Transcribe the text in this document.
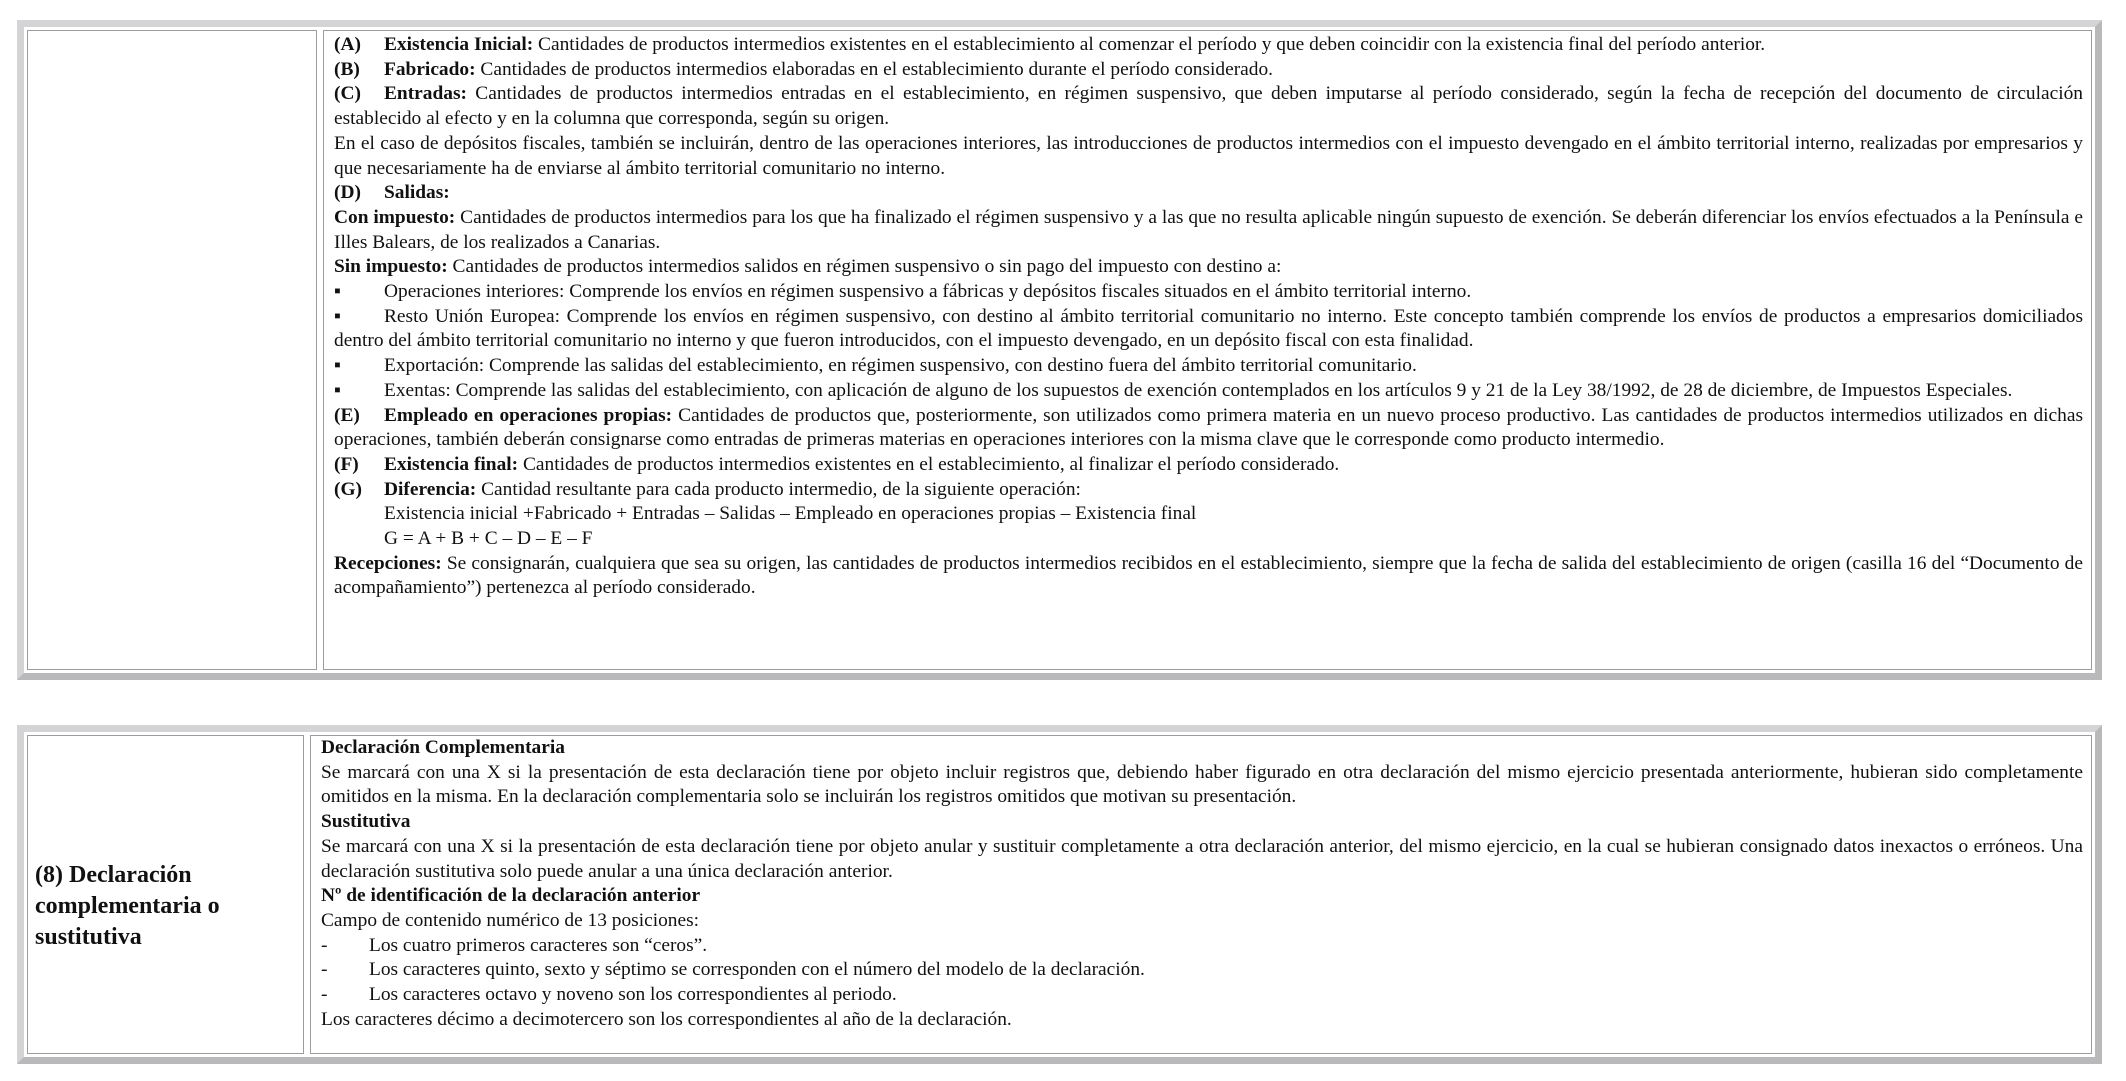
(A) Existencia Inicial: Cantidades de productos intermedios existentes en el establecimiento al comenzar el período y que deben coincidir con la existencia final del período anterior.

(B) Fabricado: Cantidades de productos intermedios elaboradas en el establecimiento durante el período considerado.

(C) Entradas: Cantidades de productos intermedios entradas en el establecimiento, en régimen suspensivo, que deben imputarse al período considerado, según la fecha de recepción del documento de circulación establecido al efecto y en la columna que corresponda, según su origen.

En el caso de depósitos fiscales, también se incluirán, dentro de las operaciones interiores, las introducciones de productos intermedios con el impuesto devengado en el ámbito territorial interno, realizadas por empresarios y que necesariamente ha de enviarse al ámbito territorial comunitario no interno.

(D) Salidas:

Con impuesto: Cantidades de productos intermedios para los que ha finalizado el régimen suspensivo y a las que no resulta aplicable ningún supuesto de exención. Se deberán diferenciar los envíos efectuados a la Península e Illes Balears, de los realizados a Canarias.

Sin impuesto: Cantidades de productos intermedios salidos en régimen suspensivo o sin pago del impuesto con destino a:

▪ Operaciones interiores: Comprende los envíos en régimen suspensivo a fábricas y depósitos fiscales situados en el ámbito territorial interno.

▪ Resto Unión Europea: Comprende los envíos en régimen suspensivo, con destino al ámbito territorial comunitario no interno. Este concepto también comprende los envíos de productos a empresarios domiciliados dentro del ámbito territorial comunitario no interno y que fueron introducidos, con el impuesto devengado, en un depósito fiscal con esta finalidad.

▪ Exportación: Comprende las salidas del establecimiento, en régimen suspensivo, con destino fuera del ámbito territorial comunitario.

▪ Exentas: Comprende las salidas del establecimiento, con aplicación de alguno de los supuestos de exención contemplados en los artículos 9 y 21 de la Ley 38/1992, de 28 de diciembre, de Impuestos Especiales.

(E) Empleado en operaciones propias: Cantidades de productos que, posteriormente, son utilizados como primera materia en un nuevo proceso productivo. Las cantidades de productos intermedios utilizados en dichas operaciones, también deberán consignarse como entradas de primeras materias en operaciones interiores con la misma clave que le corresponde como producto intermedio.

(F) Existencia final: Cantidades de productos intermedios existentes en el establecimiento, al finalizar el período considerado.

(G) Diferencia: Cantidad resultante para cada producto intermedio, de la siguiente operación:

Existencia inicial +Fabricado + Entradas – Salidas – Empleado en operaciones propias – Existencia final

G = A + B + C – D – E – F

Recepciones: Se consignarán, cualquiera que sea su origen, las cantidades de productos intermedios recibidos en el establecimiento, siempre que la fecha de salida del establecimiento de origen (casilla 16 del “Documento de acompañamiento”) pertenezca al período considerado.

(8) Declaración complementaria o sustitutiva

Declaración Complementaria

Se marcará con una X si la presentación de esta declaración tiene por objeto incluir registros que, debiendo haber figurado en otra declaración del mismo ejercicio presentada anteriormente, hubieran sido completamente omitidos en la misma. En la declaración complementaria solo se incluirán los registros omitidos que motivan su presentación.

Sustitutiva

Se marcará con una X si la presentación de esta declaración tiene por objeto anular y sustituir completamente a otra declaración anterior, del mismo ejercicio, en la cual se hubieran consignado datos inexactos o erróneos. Una declaración sustitutiva solo puede anular a una única declaración anterior.

Nº de identificación de la declaración anterior

Campo de contenido numérico de 13 posiciones:

- Los cuatro primeros caracteres son “ceros”.

- Los caracteres quinto, sexto y séptimo se corresponden con el número del modelo de la declaración.

- Los caracteres octavo y noveno son los correspondientes al periodo.

Los caracteres décimo a decimotercero son los correspondientes al año de la declaración.
